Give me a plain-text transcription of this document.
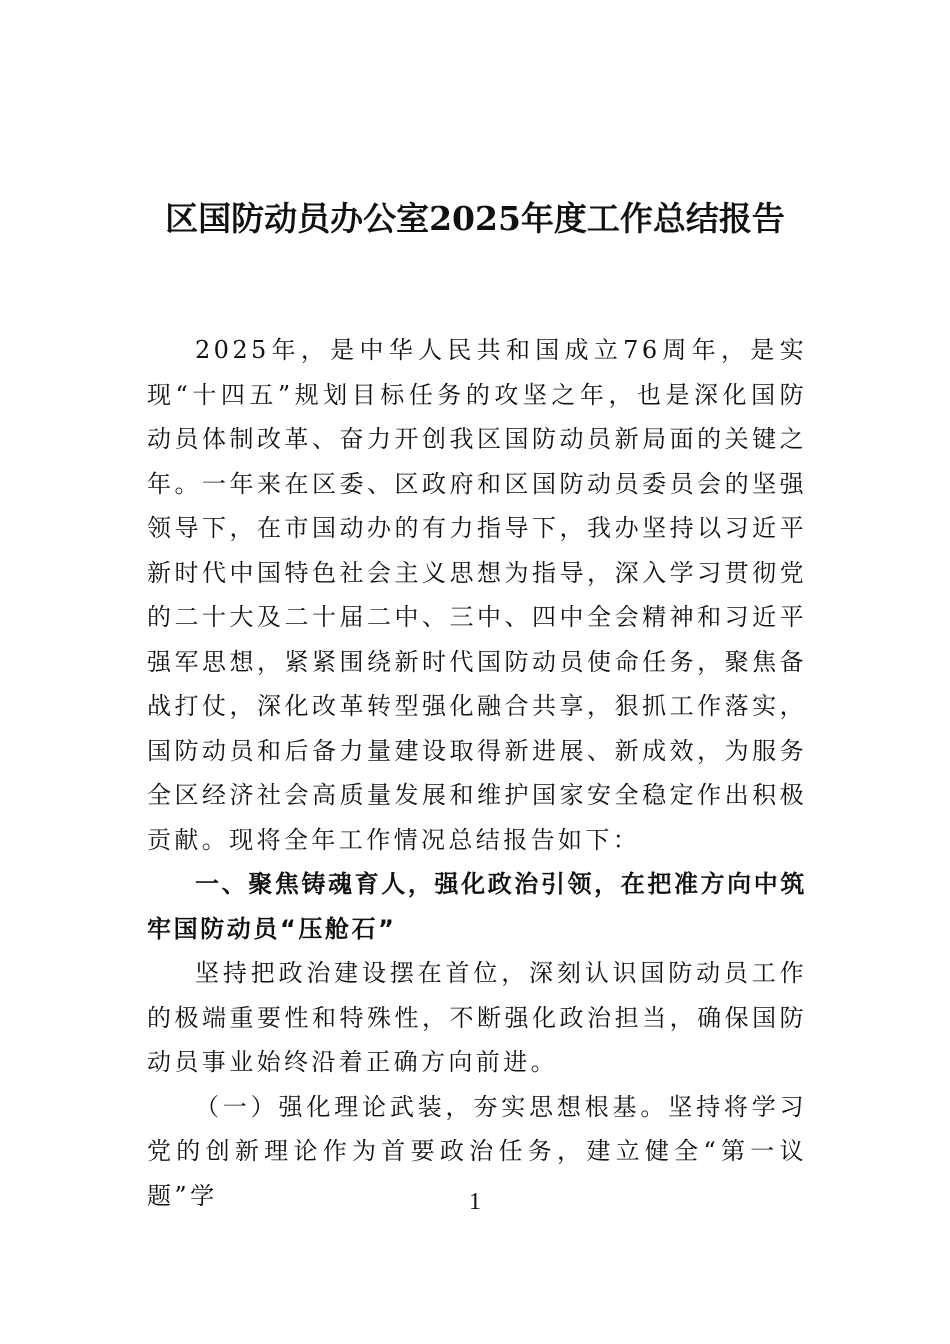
区国防动员办公室2025年度工作总结报告

2025年，是中华人民共和国成立76周年，是实现“十四五”规划目标任务的攻坚之年，也是深化国防动员体制改革、奋力开创我区国防动员新局面的关键之年。一年来在区委、区政府和区国防动员委员会的坚强领导下，在市国动办的有力指导下，我办坚持以习近平新时代中国特色社会主义思想为指导，深入学习贯彻党的二十大及二十届二中、三中、四中全会精神和习近平强军思想，紧紧围绕新时代国防动员使命任务，聚焦备战打仗，深化改革转型强化融合共享，狠抓工作落实，国防动员和后备力量建设取得新进展、新成效，为服务全区经济社会高质量发展和维护国家安全稳定作出积极贡献。现将全年工作情况总结报告如下：

一、聚焦铸魂育人，强化政治引领，在把准方向中筑牢国防动员“压舱石”

坚持把政治建设摆在首位，深刻认识国防动员工作的极端重要性和特殊性，不断强化政治担当，确保国防动员事业始终沿着正确方向前进。

（一）强化理论武装，夯实思想根基。坚持将学习党的创新理论作为首要政治任务，建立健全“第一议题”学	1
